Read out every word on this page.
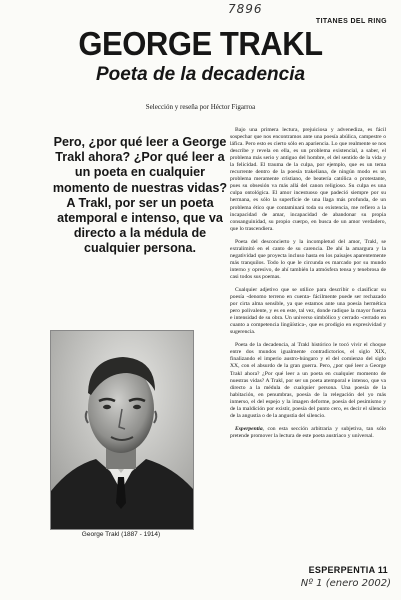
7896
TITANES DEL RING
GEORGE TRAKL
Poeta de la decadencia
Selección y reseña por Héctor Figarroa
Pero, ¿por qué leer a George Trakl ahora? ¿Por qué leer a un poeta en cualquier momento de nuestras vidas? A Trakl, por ser un poeta atemporal e intenso, que va directo a la médula de cualquier persona.

Bajo una primera lectura, prejuiciosa y advenediza, es fácil sospechar que nos encontramos ante una poesía abúlica, campestre o láfica. Pero esto es cierto sólo en apariencia. Lo que realmente se nos describe y revela en ella, es un problema existencial, a saber, el problema más serio y antiguo del hombre, el del sentido de la vida y la felicidad. El trauma de la culpa, por ejemplo, que es un tema recurrente dentro de la poesía trakeliana, de ningún modo es un problema meramente cristiano, de beatería católica o protestante, pues su obsesión va más allá del canon religioso. Su culpa es una culpa ontológica. El amor incestuoso que padeció siempre por su hermana, es sólo la superficie de una llaga más profunda, de un problema ético que contaminará toda su existencia, me refiero a la incapacidad de amar, incapacidad de abandonar su propia consanguinidad, su propio cuerpo, en busca de un amor verdadero, que lo trascendiera.

Poeta del desconcierto y la incompletud del amor, Trakl, se extralimitó en el canto de su carencia. De ahí la amargura y la negatividad que proyecta incluso hasta en los paisajes aparentemente más tranquilos. Todo lo que le circunda es marcado por su mundo interno y opresivo, de ahí también la atmósfera tensa y tenebrosa de casi todos sus poemas.

Cualquier adjetivo que se utilice para describir o clasificar su poesía -denomo terreno en cuenta- fácilmente puede ser rechazado por cirta alma sensible, ya que estamos ante una poesía hermética pero polivalente, y es en este, tal vez, donde radique la mayor fuerza e intensidad de su obra. Un universo simbólico y cerrado -cerrado en cuanto a competencia lingüística-, que es prodigio en expresividad y sugerencia.

Poeta de la decadencia, al Trakl histórico le tocó vivir el choque entre dos mundos igualmente contradictorios, el siglo XIX, finalizando el imperio austro-húngaro y el del comienzo del siglo XX, con el absurdo de la gran guerra. Pero, ¿por qué leer a George Trakl ahora? ¿Por qué leer a un poeta en cualquier momento de nuestras vidas? A Trakl, por ser un poeta atemporal e intenso, que va directo a la médula de cualquier persona. Una poesía de la habitación, en penumbras, poesía de la relegación del yo más inmerso, el del espejo y la imagen deforme, poesía del pesimismo y de la maldición por existir, poesía del punto cero, es decir el silencio de la angustia o de la angustia del silencio.

Esperpentia, con esta sección arbitraria y subjetiva, tan sólo pretende promover la lectura de este poeta austriaco y universal.

George Trakl (1887 - 1914)
ESPERPENTIA 11
Nº 1 (enero 2002)
